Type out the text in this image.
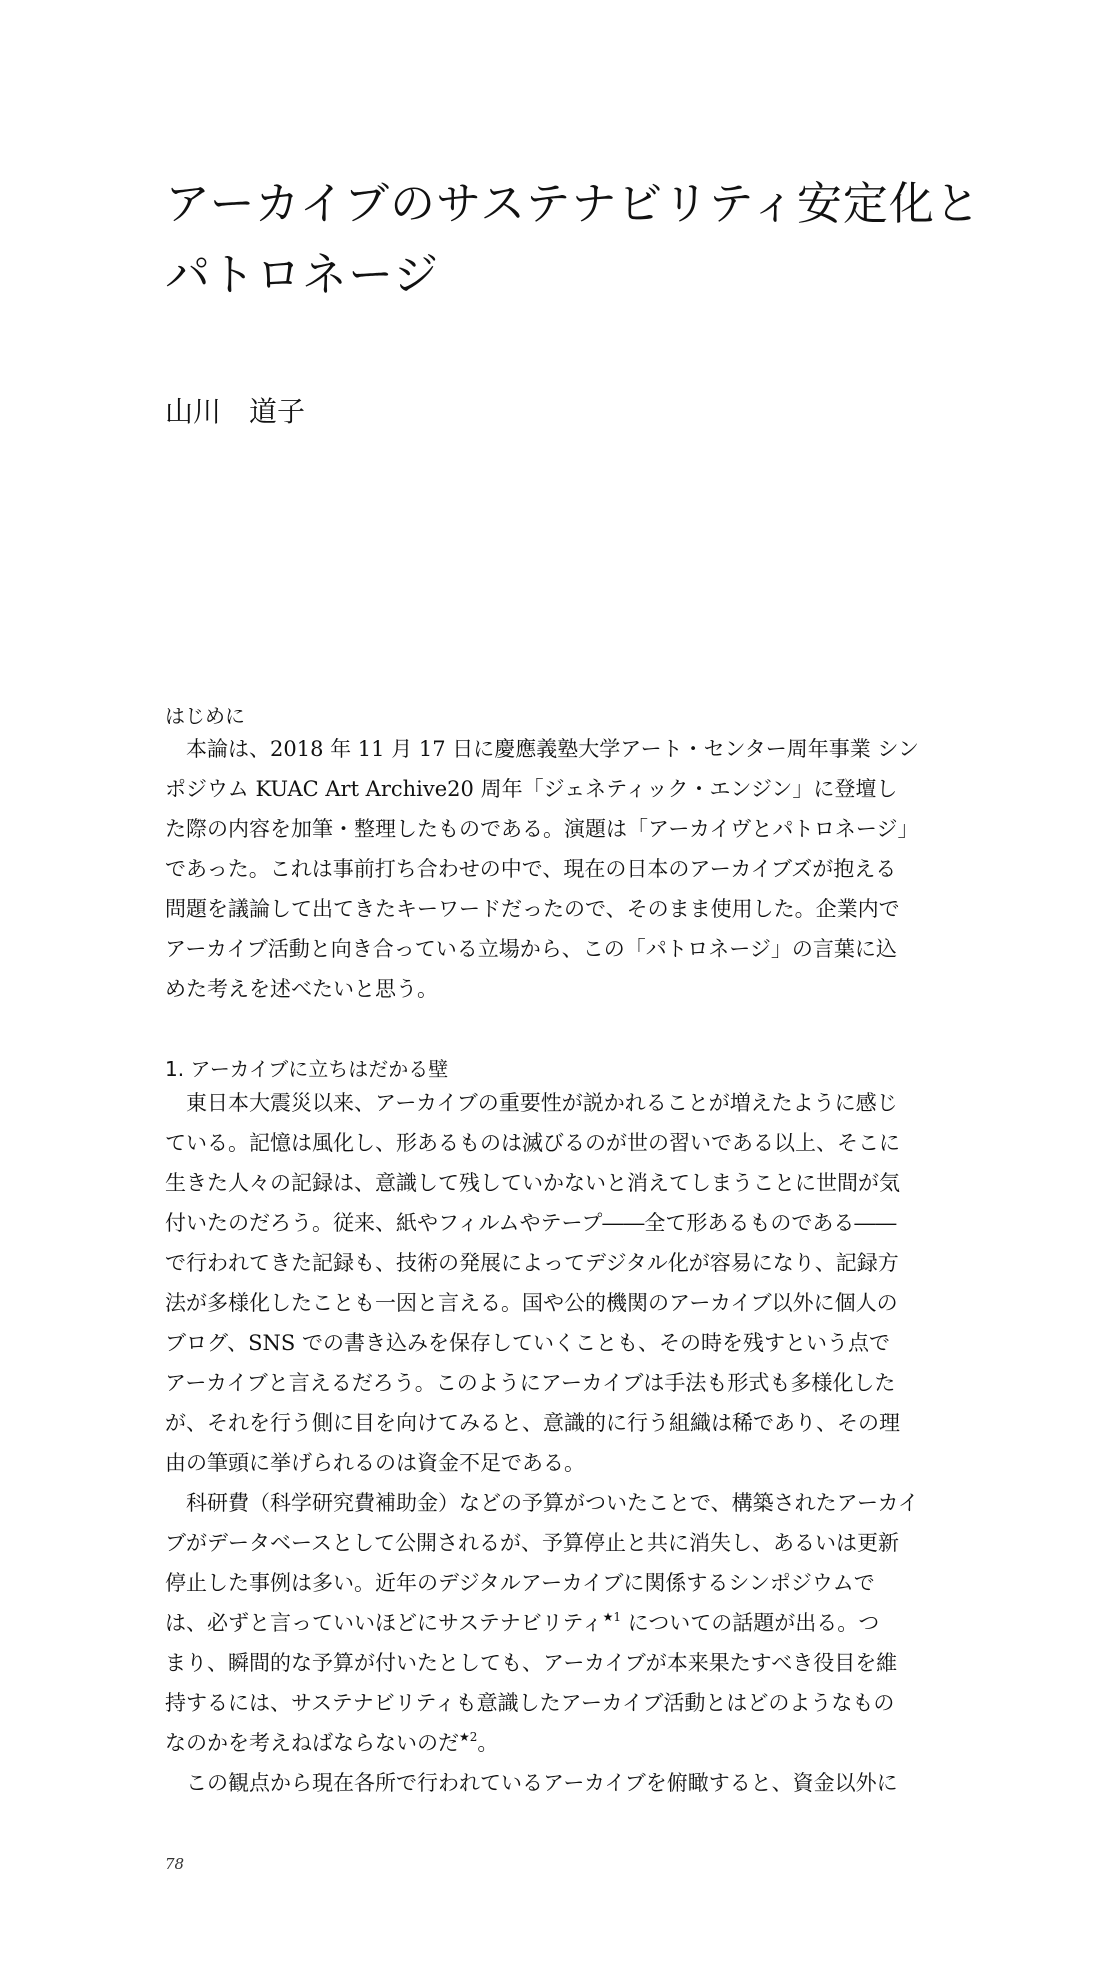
アーカイブのサステナビリティ安定化と
パトロネージ

山川　道子

はじめに
　本論は、2018 年 11 月 17 日に慶應義塾大学アート・センター周年事業 シン
ポジウム KUAC Art Archive20 周年「ジェネティック・エンジン」に登壇し
た際の内容を加筆・整理したものである。演題は「アーカイヴとパトロネージ」
であった。これは事前打ち合わせの中で、現在の日本のアーカイブズが抱える
問題を議論して出てきたキーワードだったので、そのまま使用した。企業内で
アーカイブ活動と向き合っている立場から、この「パトロネージ」の言葉に込
めた考えを述べたいと思う。
1. アーカイブに立ちはだかる壁
　東日本大震災以来、アーカイブの重要性が説かれることが増えたように感じ
ている。記憶は風化し、形あるものは滅びるのが世の習いである以上、そこに
生きた人々の記録は、意識して残していかないと消えてしまうことに世間が気
付いたのだろう。従来、紙やフィルムやテープ――全て形あるものである――
で行われてきた記録も、技術の発展によってデジタル化が容易になり、記録方
法が多様化したことも一因と言える。国や公的機関のアーカイブ以外に個人の
ブログ、SNS での書き込みを保存していくことも、その時を残すという点で
アーカイブと言えるだろう。このようにアーカイブは手法も形式も多様化した
が、それを行う側に目を向けてみると、意識的に行う組織は稀であり、その理
由の筆頭に挙げられるのは資金不足である。
　科研費（科学研究費補助金）などの予算がついたことで、構築されたアーカイ
ブがデータベースとして公開されるが、予算停止と共に消失し、あるいは更新
停止した事例は多い。近年のデジタルアーカイブに関係するシンポジウムで
は、必ずと言っていいほどにサステナビリティ$^{★1}$ についての話題が出る。つ
まり、瞬間的な予算が付いたとしても、アーカイブが本来果たすべき役目を維
持するには、サステナビリティも意識したアーカイブ活動とはどのようなもの
なのかを考えねばならないのだ$^{★2}$。
　この観点から現在各所で行われているアーカイブを俯瞰すると、資金以外に
78
